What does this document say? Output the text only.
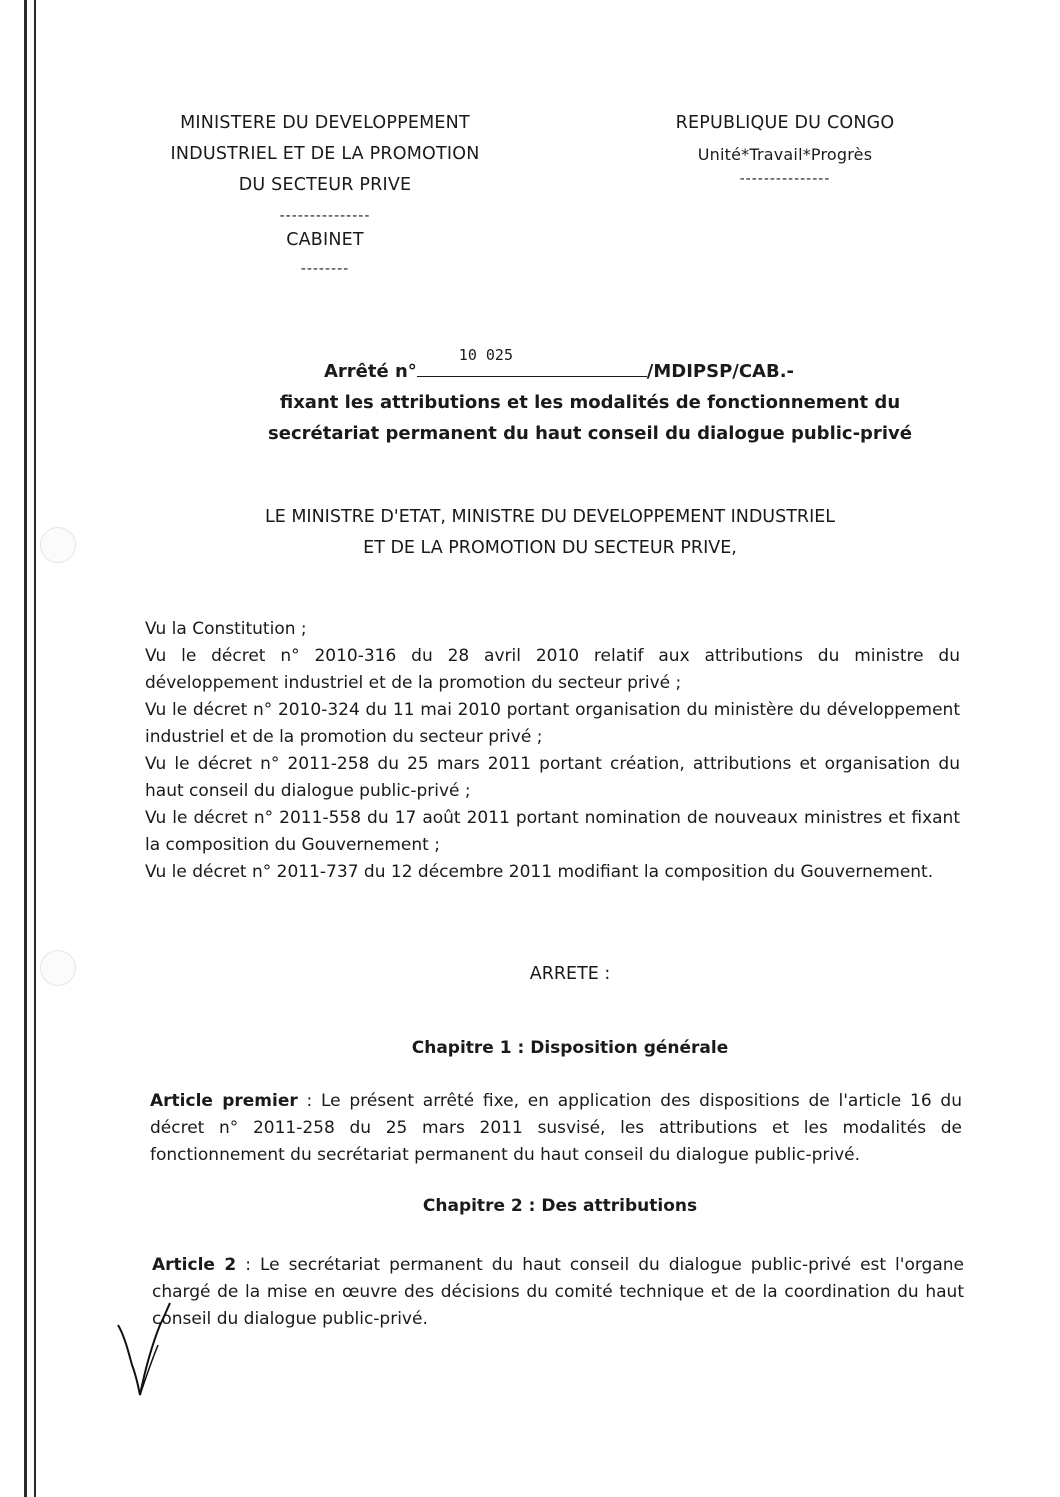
MINISTERE DU DEVELOPPEMENT
INDUSTRIEL ET DE LA PROMOTION
DU SECTEUR PRIVE
---------------
CABINET
--------
REPUBLIQUE DU CONGO
Unité*Travail*Progrès
---------------
Arrêté n°
10 025
/MDIPSP/CAB.-
fixant les attributions et les modalités de fonctionnement du
secrétariat permanent du haut conseil du dialogue public-privé
LE MINISTRE D'ETAT, MINISTRE DU DEVELOPPEMENT INDUSTRIEL
ET DE LA PROMOTION DU SECTEUR PRIVE,

Vu la Constitution ;

Vu le décret n° 2010-316 du 28 avril 2010 relatif aux attributions du ministre du développement industriel et de la promotion du secteur privé ;

Vu le décret n° 2010-324 du 11 mai 2010 portant organisation du ministère du développement industriel et de la promotion du secteur privé ;

Vu le décret n° 2011-258 du 25 mars 2011 portant création, attributions et organisation du haut conseil du dialogue public-privé ;

Vu le décret n° 2011-558 du 17 août 2011 portant nomination de nouveaux ministres et fixant la composition du Gouvernement ;

Vu le décret n° 2011-737 du 12 décembre 2011 modifiant la composition du Gouvernement.

ARRETE :
Chapitre 1 : Disposition générale

Article premier : Le présent arrêté fixe, en application des dispositions de l'article 16 du décret n° 2011-258 du 25 mars 2011 susvisé, les attributions et les modalités de fonctionnement du secrétariat permanent du haut conseil du dialogue public-privé.

Chapitre 2 : Des attributions

Article 2 : Le secrétariat permanent du haut conseil du dialogue public-privé est l'organe chargé de la mise en œuvre des décisions du comité technique et de la coordination du haut conseil du dialogue public-privé.
